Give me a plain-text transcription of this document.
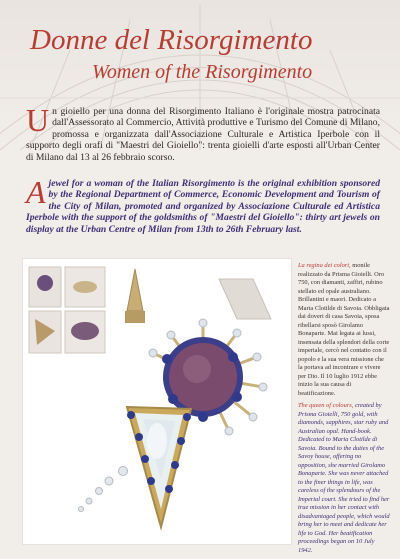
Donne del Risorgimento
Women of the Risorgimento
Un gioiello per una donna del Risorgimento Italiano è l'originale mostra patrocinata dall'Assessorato al Commercio, Attività produttive e Turismo del Comune di Milano, promossa e organizzata dall'Associazione Culturale e Artistica Iperbole con il supporto degli orafi di "Maestri del Gioiello": trenta gioielli d'arte esposti all'Urban Center di Milano dal 13 al 26 febbraio scorso.
A jewel for a woman of the Italian Risorgimento is the original exhibition sponsored by the Regional Department of Commerce, Economic Development and Tourism of the City of Milan, promoted and organized by Associazione Culturale ed Artistica Iperbole with the support of the goldsmiths of "Maestri del Gioiello": thirty art jewels on display at the Urban Centre of Milan from 13th to 26th February last.
La regina dei colori, monile realizzato da Prisma Gioielli. Oro 750, con diamanti, zaffiri, rubino stellato ed opale australiano. Brillantini e maori. Dedicato a Maria Clotilde di Savoia. Obbligata dai doveri di casa Savoia, sposa ribellarsi sposò Girolamo Bonaparte. Mai legata ai lussi, insensata della splendori della corte imperiale, cercò nel contatto con il popolo e la sua vera missione che la portava ad incontrare e vivere per Dio. Il 10 luglio 1912 ebbe inizio la sua causa di beatificazione.
The queen of colours, created by Prisma Gioielli, 750 gold, with diamonds, sapphires, star ruby and Australian opal. Hand-book. Dedicated to Maria Clotilde di Savoia. Bound to the duties of the Savoy house, offering no opposition, she married Girolamo Bonaparte. She was never attached to the finer things in life, was careless of the splendours of the Imperial court. She tried to find her true mission in her contact with disadvantaged people, which would bring her to meet and dedicate her life to God. Her beatification proceedings began on 10 July 1942.
